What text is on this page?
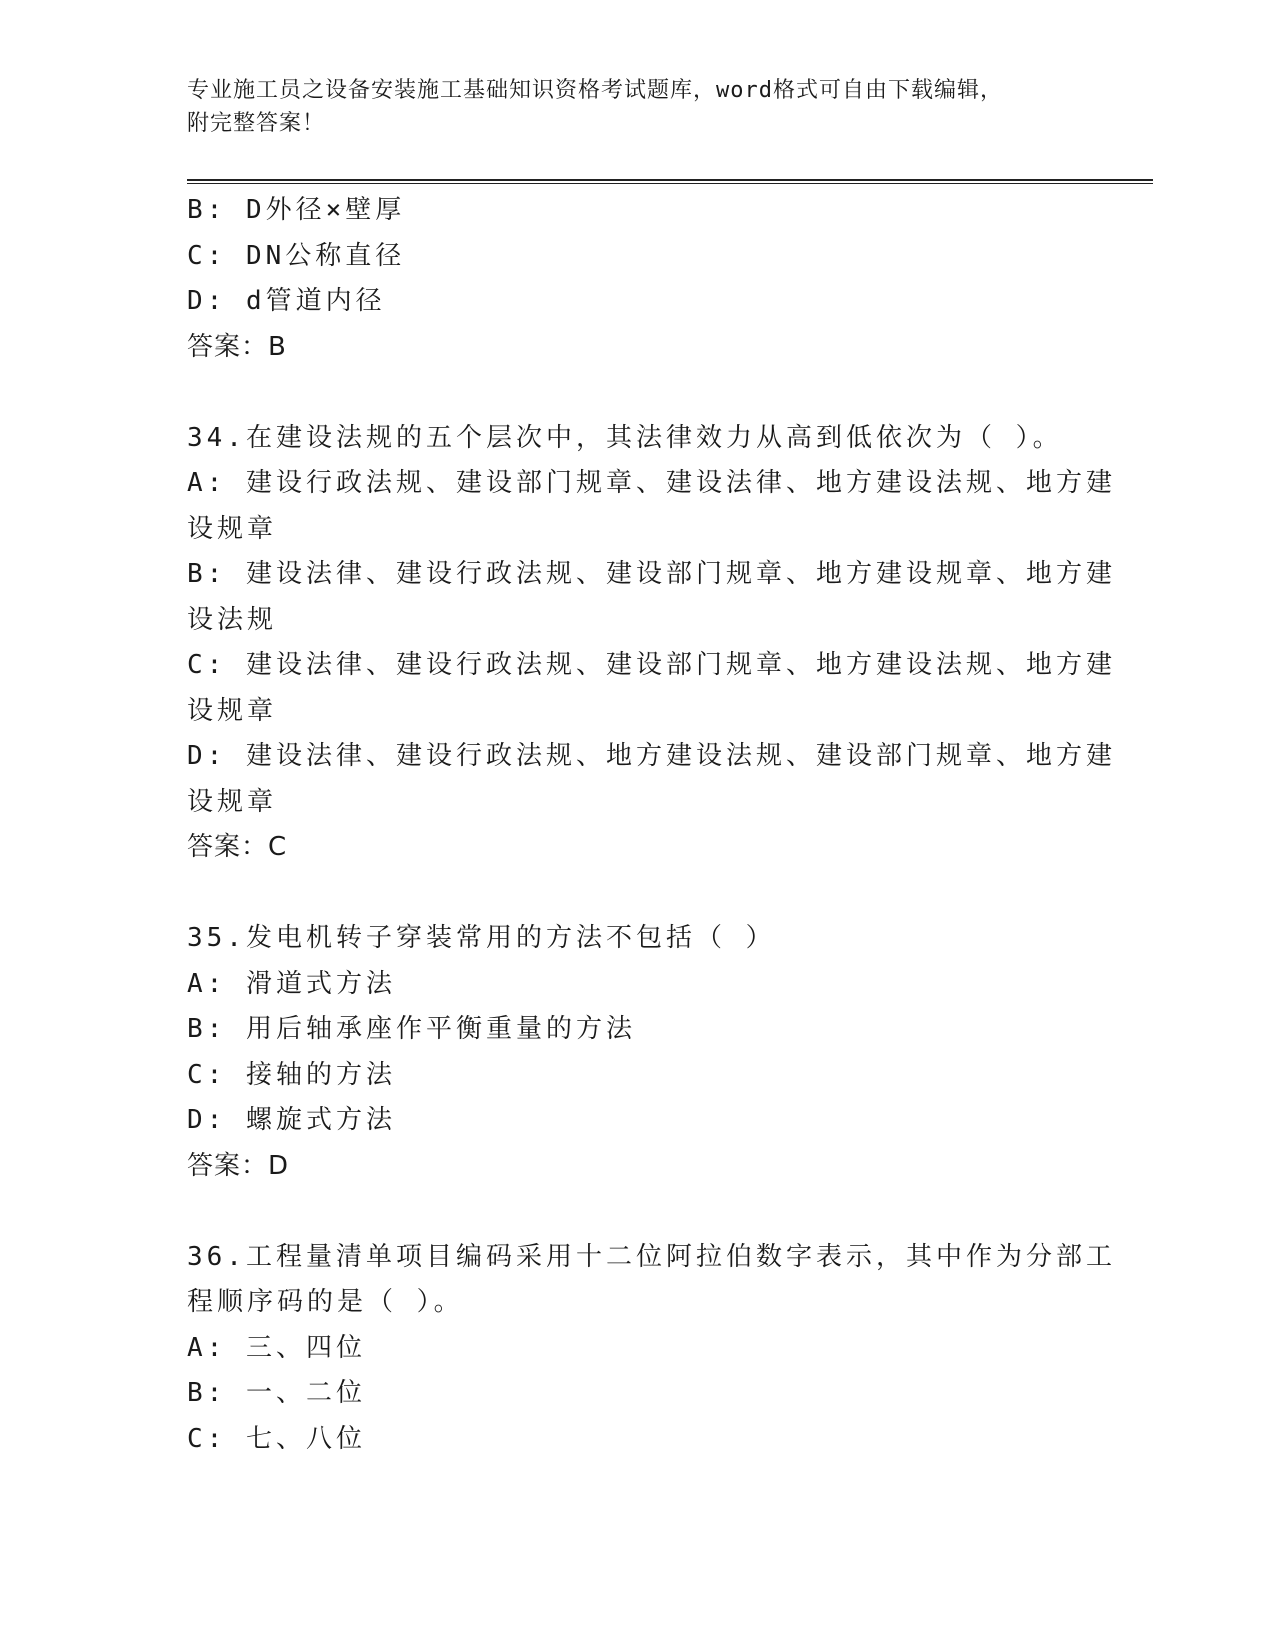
专业施工员之设备安装施工基础知识资格考试题库，word格式可自由下载编辑，
附完整答案！
B: D外径×壁厚
C: DN公称直径
D: d管道内径
答案：B
34.在建设法规的五个层次中，其法律效力从高到低依次为（ ）。
A: 建设行政法规、建设部门规章、建设法律、地方建设法规、地方建
设规章
B: 建设法律、建设行政法规、建设部门规章、地方建设规章、地方建
设法规
C: 建设法律、建设行政法规、建设部门规章、地方建设法规、地方建
设规章
D: 建设法律、建设行政法规、地方建设法规、建设部门规章、地方建
设规章
答案：C
35.发电机转子穿装常用的方法不包括（ ）
A: 滑道式方法
B: 用后轴承座作平衡重量的方法
C: 接轴的方法
D: 螺旋式方法
答案：D
36.工程量清单项目编码采用十二位阿拉伯数字表示，其中作为分部工
程顺序码的是（ ）。
A: 三、四位
B: 一、二位
C: 七、八位
